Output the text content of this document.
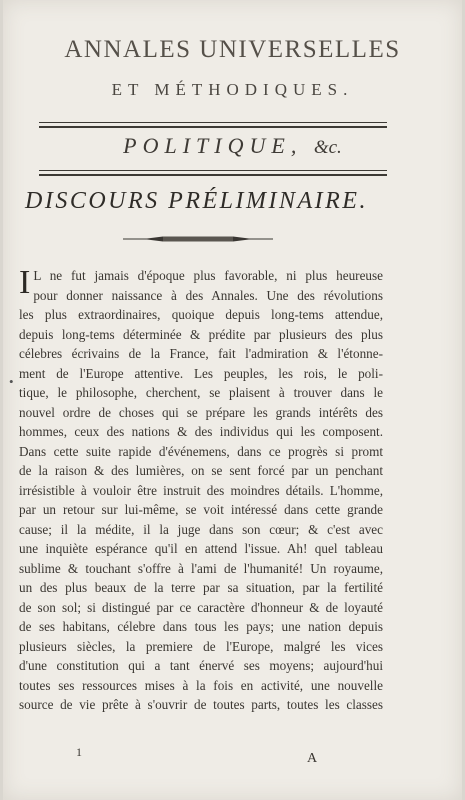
ANNALES UNIVERSELLES
ET MÉTHODIQUES.
POLITIQUE, &c.
DISCOURS PRÉLIMINAIRE.
•
I L ne fut jamais d'époque plus favorable, ni plus heureuse
pour donner naissance à des Annales. Une des révolutions
les plus extraordinaires, quoique depuis long-tems attendue,
depuis long-tems déterminée & prédite par plusieurs des plus
célebres écrivains de la France, fait l'admiration & l'étonne-
ment de l'Europe attentive. Les peuples, les rois, le poli-
tique, le philosophe, cherchent, se plaisent à trouver dans le
nouvel ordre de choses qui se prépare les grands intérêts des
hommes, ceux des nations & des individus qui les composent.
Dans cette suite rapide d'événemens, dans ce progrès si promt
de la raison & des lumières, on se sent forcé par un penchant
irrésistible à vouloir être instruit des moindres détails. L'homme,
par un retour sur lui-même, se voit intéressé dans cette grande
cause; il la médite, il la juge dans son cœur; & c'est avec
une inquiète espérance qu'il en attend l'issue. Ah! quel tableau
sublime & touchant s'offre à l'ami de l'humanité! Un royaume,
un des plus beaux de la terre par sa situation, par la fertilité
de son sol; si distingué par ce caractère d'honneur & de loyauté
de ses habitans, célebre dans tous les pays; une nation depuis
plusieurs siècles, la premiere de l'Europe, malgré les vices
d'une constitution qui a tant énervé ses moyens; aujourd'hui
toutes ses ressources mises à la fois en activité, une nouvelle
source de vie prête à s'ouvrir de toutes parts, toutes les classes
1	A
